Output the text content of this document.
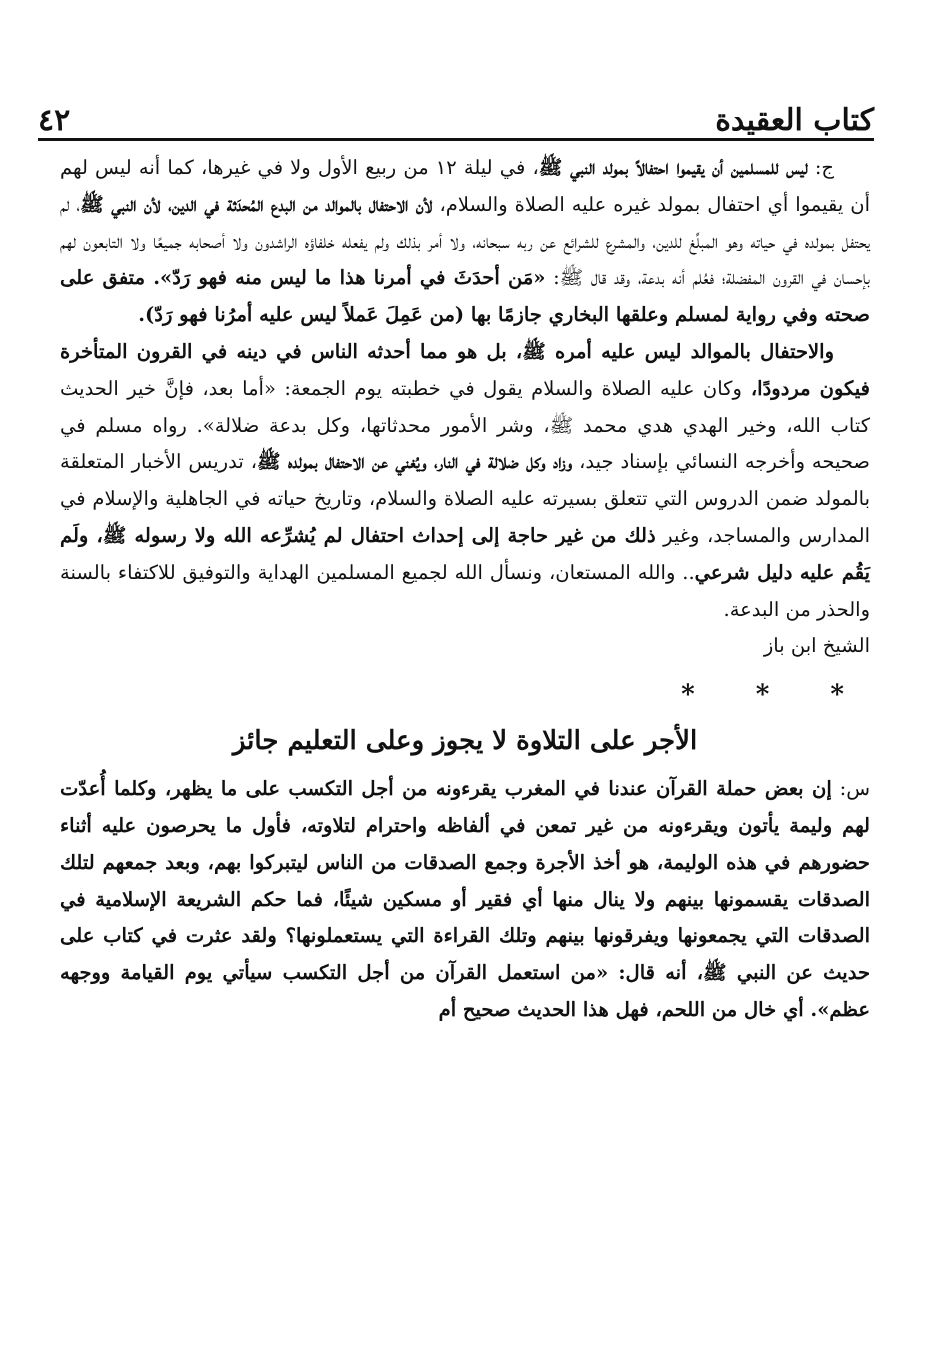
كتاب العقيدة
٤٢

ج: ليس للمسلمين أن يقيموا احتفالاً بمولد النبي ﷺ، في ليلة ١٢ من ربيع الأول ولا في غيرها، كما أنه ليس لهم أن يقيموا أي احتفال بمولد غيره عليه الصلاة والسلام، لأن الاحتفال بالموالد من البدع المُحدَثة في الدين، لأن النبي ﷺ، لم يحتفل بمولده في حياته وهو المبلِّغ للدين، والمشرع للشرائع عن ربه سبحانه، ولا أمر بذلك ولم يفعله خلفاؤه الراشدون ولا أصحابه جميعًا ولا التابعون لهم بإحسان في القرون المفضلة؛ فعُلم أنه بدعة، وقد قال ﷺ: «مَن أحدَثَ في أمرنا هذا ما ليس منه فهو رَدّ». متفق على صحته وفي رواية لمسلم وعلقها البخاري جازمًا بها (من عَمِلَ عَملاً ليس عليه أمرُنا فهو رَدّ).

والاحتفال بالموالد ليس عليه أمره ﷺ، بل هو مما أحدثه الناس في دينه في القرون المتأخرة فيكون مردودًا، وكان عليه الصلاة والسلام يقول في خطبته يوم الجمعة: «أما بعد، فإنَّ خير الحديث كتاب الله، وخير الهدي هدي محمد ﷺ، وشر الأمور محدثاتها، وكل بدعة ضلالة». رواه مسلم في صحيحه وأخرجه النسائي بإسناد جيد، وزاد وكل ضلالة في النار، ويُغني عن الاحتفال بمولده ﷺ، تدريس الأخبار المتعلقة بالمولد ضمن الدروس التي تتعلق بسيرته عليه الصلاة والسلام، وتاريخ حياته في الجاهلية والإسلام في المدارس والمساجد، وغير ذلك من غير حاجة إلى إحداث احتفال لم يُشرِّعه الله ولا رسوله ﷺ، ولَم يَقُم عليه دليل شرعي.. والله المستعان، ونسأل الله لجميع المسلمين الهداية والتوفيق للاكتفاء بالسنة والحذر من البدعة.

الشيخ ابن باز

* * *
الأجر على التلاوة لا يجوز وعلى التعليم جائز

س: إن بعض حملة القرآن عندنا في المغرب يقرءونه من أجل التكسب على ما يظهر، وكلما أُعدّت لهم وليمة يأتون ويقرءونه من غير تمعن في ألفاظه واحترام لتلاوته، فأول ما يحرصون عليه أثناء حضورهم في هذه الوليمة، هو أخذ الأجرة وجمع الصدقات من الناس ليتبركوا بهم، وبعد جمعهم لتلك الصدقات يقسمونها بينهم ولا ينال منها أي فقير أو مسكين شيئًا، فما حكم الشريعة الإسلامية في الصدقات التي يجمعونها ويفرقونها بينهم وتلك القراءة التي يستعملونها؟ ولقد عثرت في كتاب على حديث عن النبي ﷺ، أنه قال: «من استعمل القرآن من أجل التكسب سيأتي يوم القيامة ووجهه عظم». أي خال من اللحم، فهل هذا الحديث صحيح أم
